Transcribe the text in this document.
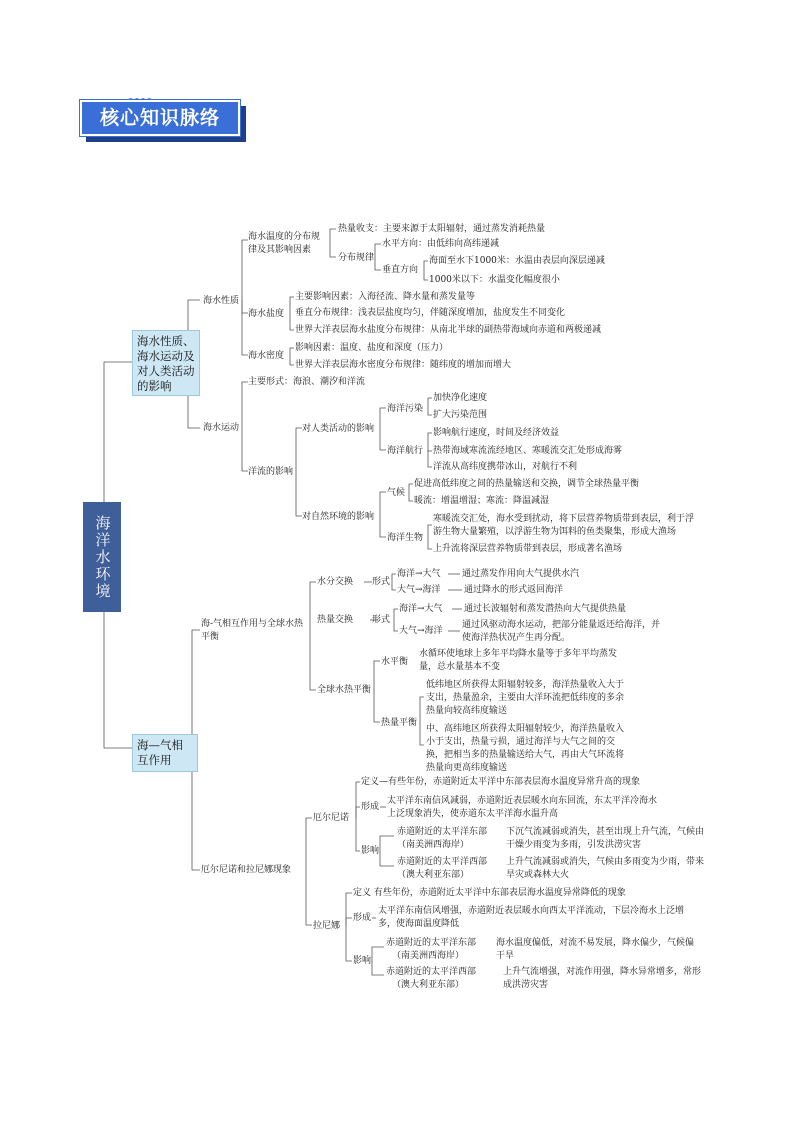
核心知识脉络
海洋水环境
海水性质、海水运动及对人类活动的影响
海—气相互作用
海水性质
海水温度的分布规
律及其影响因素
热量收支：主要来源于太阳辐射，通过蒸发消耗热量
分布规律
水平方向：由低纬向高纬递减
垂直方向
海面至水下1000米：水温由表层向深层递减
1000米以下：水温变化幅度很小
海水盐度
主要影响因素：入海径流、降水量和蒸发量等
垂直分布规律：浅表层盐度均匀，伴随深度增加，盐度发生不同变化
世界大洋表层海水盐度分布规律：从南北半球的副热带海域向赤道和两极递减
海水密度
影响因素：温度、盐度和深度（压力）
世界大洋表层海水密度分布规律：随纬度的增加而增大
海水运动
主要形式：海浪、潮汐和洋流
洋流的影响
对人类活动的影响
海洋污染
加快净化速度
扩大污染范围
海洋航行
影响航行速度，时间及经济效益
热带海域寒流流经地区、寒暖流交汇处形成海雾
洋流从高纬度携带冰山，对航行不利
对自然环境的影响
气候
促进高低纬度之间的热量输送和交换，调节全球热量平衡
暖流：增温增湿；寒流：降温减湿
海洋生物
寒暖流交汇处，海水受到扰动，将下层营养物质带到表层，利于浮
游生物大量繁殖，以浮游生物为饵料的鱼类聚集，形成大渔场
上升流将深层营养物质带到表层，形成著名渔场
海-气相互作用与全球水热
平衡
水分交换 形式
海洋→大气 通过蒸发作用向大气提供水汽
大气→海洋	通过降水的形式返回海洋
热量交换 形式
海洋→大气 通过长波辐射和蒸发潜热向大气提供热量
大气→海洋
通过风驱动海水运动，把部分能量返还给海洋，并
使海洋热状况产生再分配。
全球水热平衡
水平衡
水循环使地球上多年平均降水量等于多年平均蒸发
量，总水量基本不变
热量平衡
低纬地区所获得太阳辐射较多，海洋热量收入大于
支出，热量盈余，主要由大洋环流把低纬度的多余
热量向较高纬度输送
中、高纬地区所获得太阳辐射较少，海洋热量收入
小于支出，热量亏损，通过海洋与大气之间的交
换，把相当多的热量输送给大气，再由大气环流将
热量向更高纬度输送
厄尔尼诺和拉尼娜现象
厄尔尼诺
定义—有些年份，赤道附近太平洋中东部表层海水温度异常升高的现象
形成
太平洋东南信风减弱，赤道附近表层暖水向东回流，东太平洋冷海水
上泛现象消失，使赤道东太平洋海水温升高
影响
赤道附近的太平洋东部
（南美洲西海岸）
下沉气流减弱或消失，甚至出现上升气流，气候由
干燥少雨变为多雨，引发洪涝灾害
赤道附近的太平洋西部
（澳大利亚东部）
上升气流减弱或消失，气候由多雨变为少雨，带来
旱灾或森林大火
拉尼娜
定义 有些年份，赤道附近太平洋中东部表层海水温度异常降低的现象
形成
太平洋东南信风增强，赤道附近表层暖水向西太平洋流动，下层冷海水上泛增
多，使海面温度降低
影响
赤道附近的太平洋东部
（南美洲西海岸）
海水温度偏低，对流不易发展，降水偏少，气候偏
干旱
赤道附近的太平洋西部
（澳大利亚东部）
上升气流增强，对流作用强，降水异常增多，常形
成洪涝灾害
